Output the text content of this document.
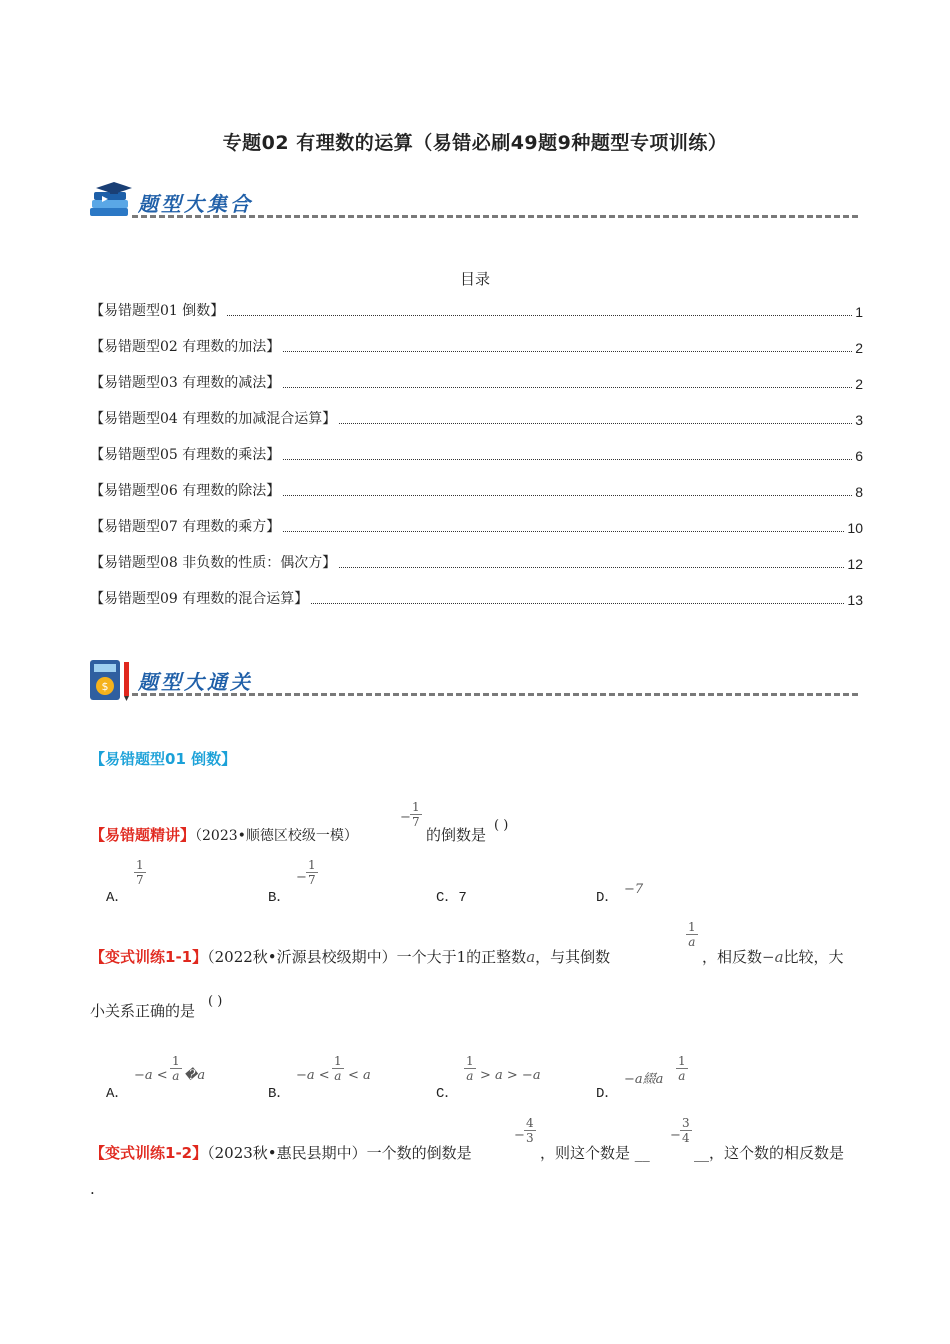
专题02 有理数的运算（易错必刷49题9种题型专项训练）
题型大集合
目录
【易错题型01 倒数】	1
【易错题型02 有理数的加法】	2
【易错题型03 有理数的减法】	2
【易错题型04 有理数的加减混合运算】	3
【易错题型05 有理数的乘法】	6
【易错题型06 有理数的除法】	8
【易错题型07 有理数的乘方】	10
【易错题型08 非负数的性质：偶次方】	12
【易错题型09 有理数的混合运算】	13
$ 题型大通关
【易错题型01 倒数】
【易错题精讲】（2023•顺德区校级一模）
− $\frac{1}{7}$
的倒数是
( )
A．
$\frac{1}{7}$
B．
− $\frac{1}{7}$
C．7	D．
−7
【变式训练1-1】（2022秋•沂源县校级期中）一个大于1的正整数a，与其倒数
$\frac{1}{a}$
，相反数−a比较，大
小关系正确的是
( )
A．
$-a < \frac{1}{a}$ �a
B．
$-a < \frac{1}{a} < a$
C．
$\frac{1}{a} > a > -a$
D．
−a綴a $\frac{1}{a}$
【变式训练1-2】（2023秋•惠民县期中）一个数的倒数是
− $\frac{4}{3}$
，则这个数是 __
− $\frac{3}{4}$
__，这个数的相反数是
.
